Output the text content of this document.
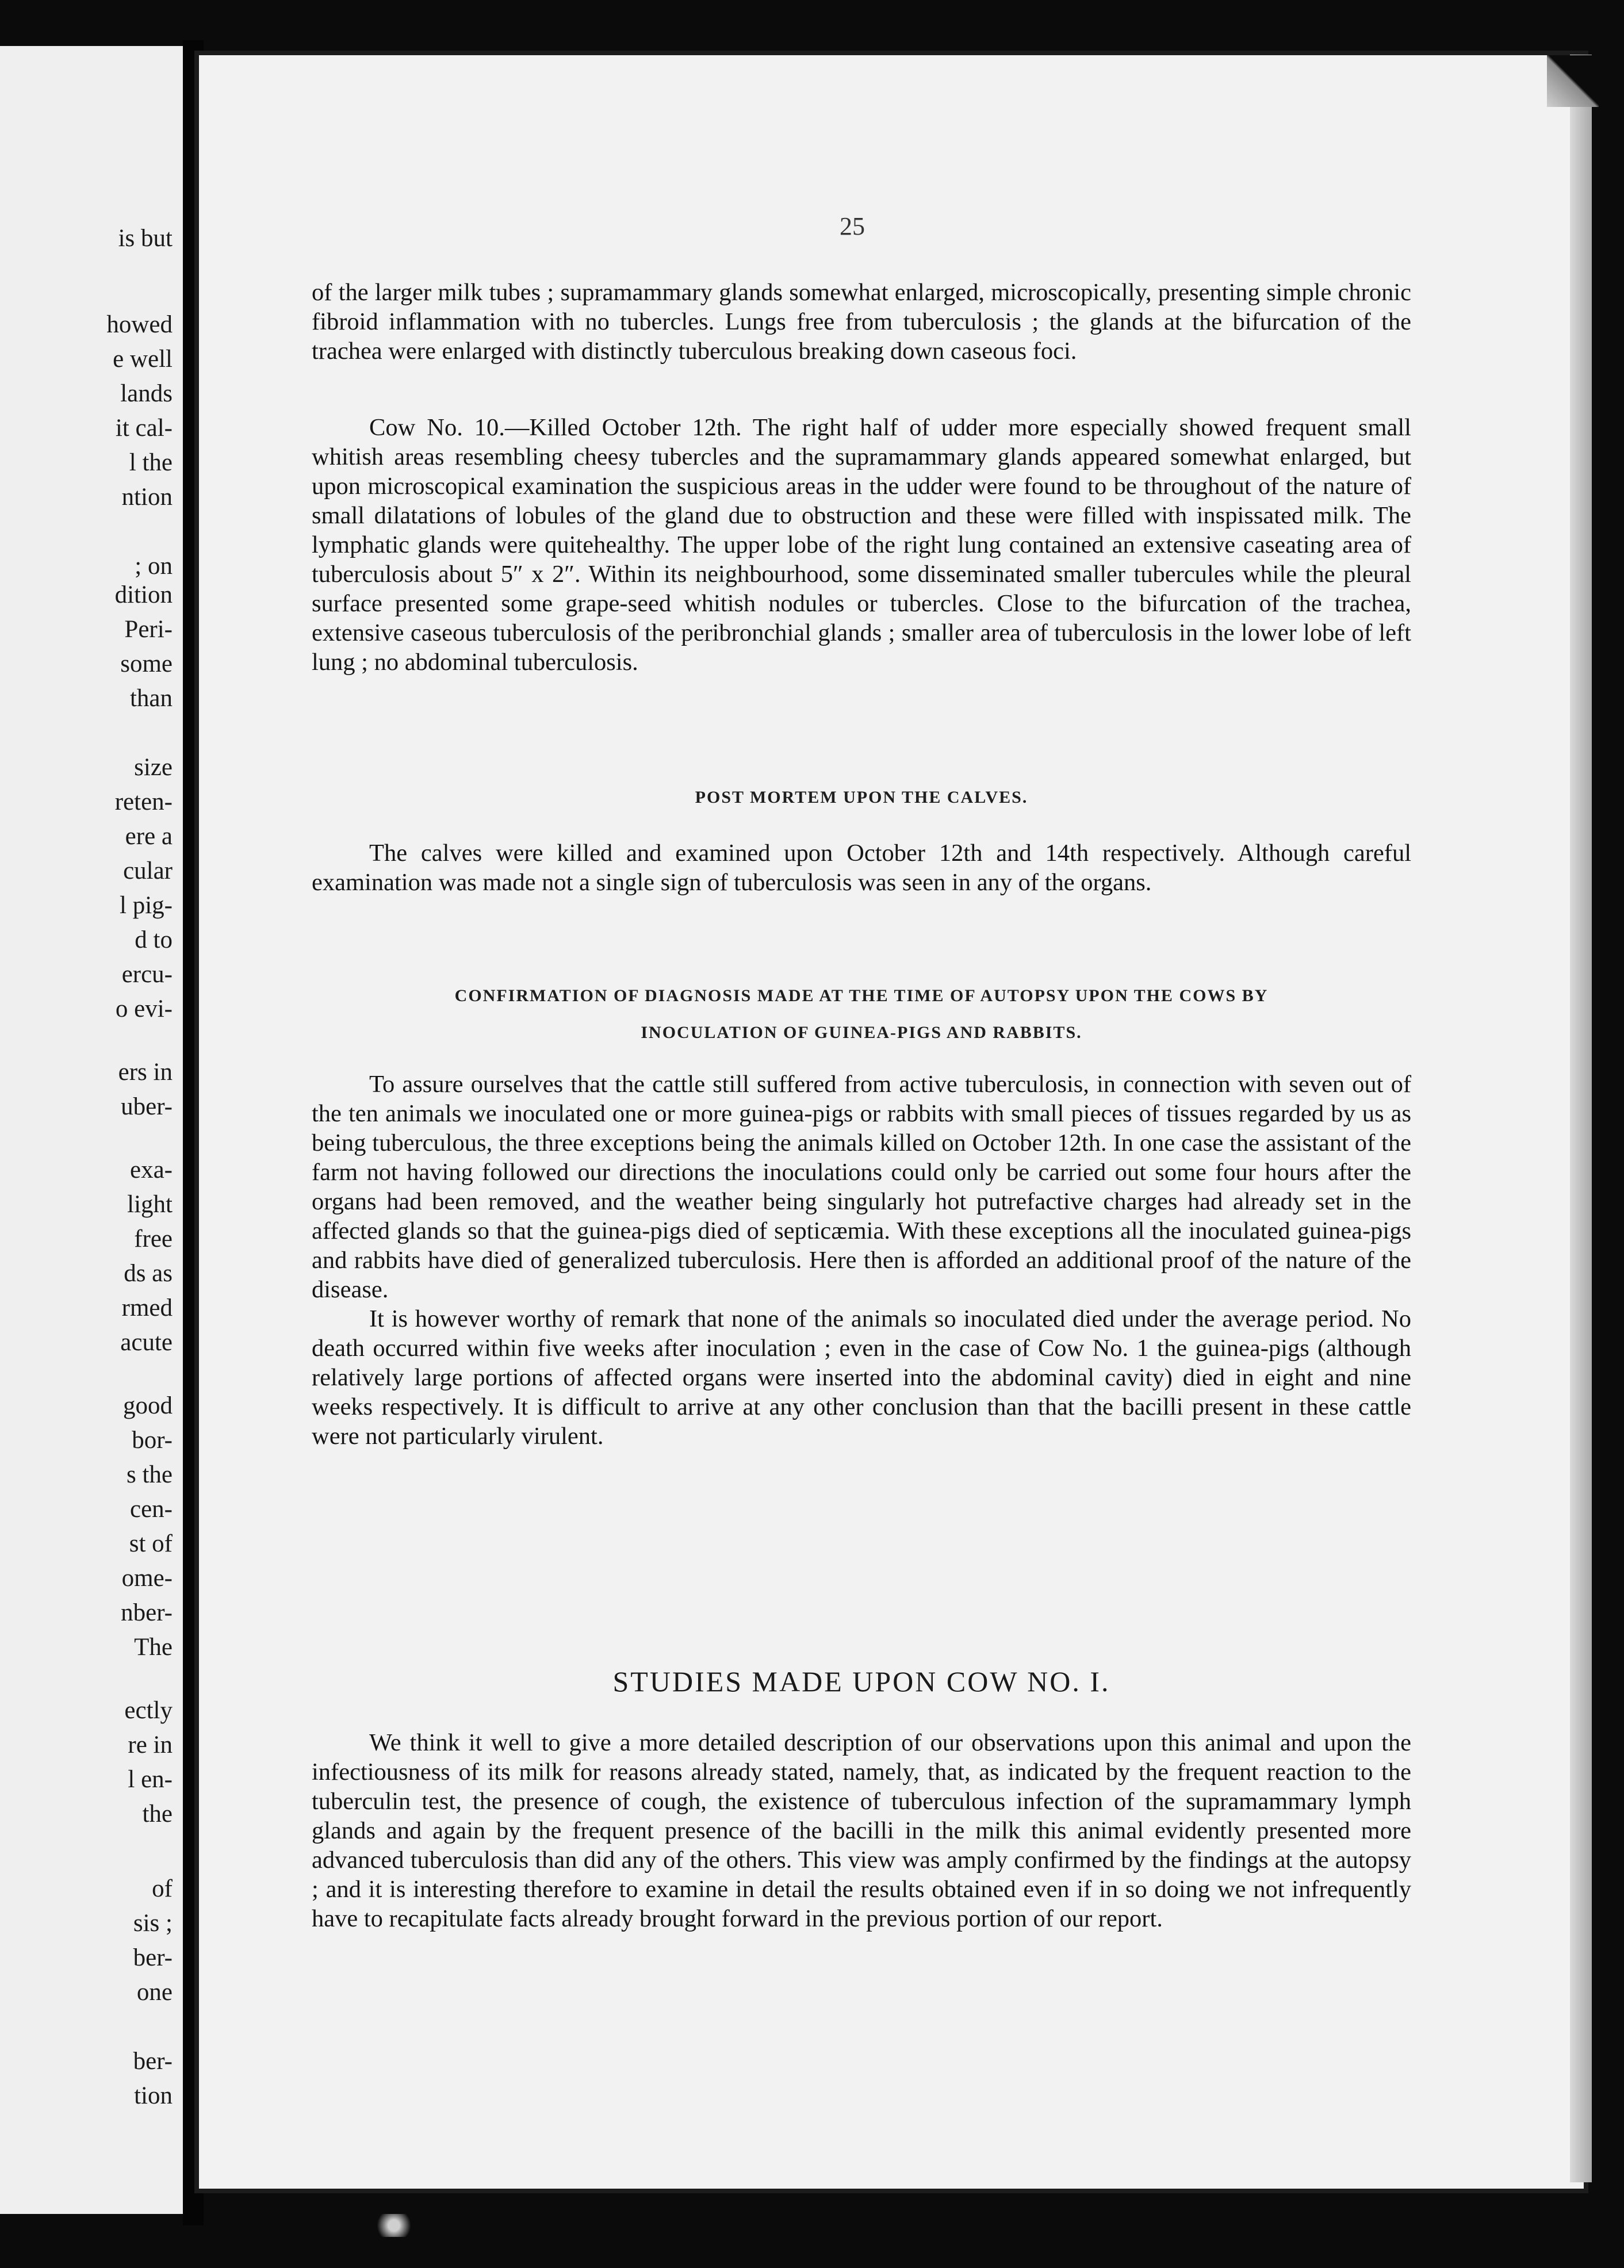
is but
howed
e well
lands
it cal-
l the
ntion
; on
dition
Peri-
some
than
size
reten-
ere a
cular
l pig-
d to
ercu-
o evi-
ers in
uber-
exa-
light
free
ds as
rmed
acute
good
bor-
s the
cen-
st of
ome-
nber-
The
ectly
re in
l en-
the
of
sis ;
ber-
one
ber-
tion
25

of the larger milk tubes ; supramammary glands somewhat enlarged, microscopically, presenting simple chronic fibroid inflammation with no tubercles. Lungs free from tuberculosis ; the glands at the bifurcation of the trachea were enlarged with distinctly tuberculous breaking down caseous foci.

Cow No. 10.—Killed October 12th. The right half of udder more especially showed frequent small whitish areas resembling cheesy tubercles and the supramammary glands appeared somewhat enlarged, but upon microscopical examination the suspicious areas in the udder were found to be throughout of the nature of small dilatations of lobules of the gland due to obstruction and these were filled with inspissated milk. The lymphatic glands were quitehealthy. The upper lobe of the right lung contained an extensive caseating area of tuberculosis about 5″ x 2″. Within its neighbourhood, some disseminated smaller tubercules while the pleural surface presented some grape-seed whitish nodules or tubercles. Close to the bifurcation of the trachea, extensive caseous tuberculosis of the peribronchial glands ; smaller area of tuberculosis in the lower lobe of left lung ; no abdominal tuberculosis.

POST MORTEM UPON THE CALVES.

The calves were killed and examined upon October 12th and 14th respectively. Although careful examination was made not a single sign of tuberculosis was seen in any of the organs.

CONFIRMATION OF DIAGNOSIS MADE AT THE TIME OF AUTOPSY UPON THE COWS BY
INOCULATION OF GUINEA-PIGS AND RABBITS.

To assure ourselves that the cattle still suffered from active tuberculosis, in connection with seven out of the ten animals we inoculated one or more guinea-pigs or rabbits with small pieces of tissues regarded by us as being tuberculous, the three exceptions being the animals killed on October 12th. In one case the assistant of the farm not having followed our directions the inoculations could only be carried out some four hours after the organs had been removed, and the weather being singularly hot putrefactive charges had already set in the affected glands so that the guinea-pigs died of septicæmia. With these exceptions all the inoculated guinea-pigs and rabbits have died of generalized tuberculosis. Here then is afforded an additional proof of the nature of the disease.

It is however worthy of remark that none of the animals so inoculated died under the average period. No death occurred within five weeks after inoculation ; even in the case of Cow No. 1 the guinea-pigs (although relatively large portions of affected organs were inserted into the abdominal cavity) died in eight and nine weeks respectively. It is difficult to arrive at any other conclusion than that the bacilli present in these cattle were not particularly virulent.

STUDIES MADE UPON COW NO. I.

We think it well to give a more detailed description of our observations upon this animal and upon the infectiousness of its milk for reasons already stated, namely, that, as indicated by the frequent reaction to the tuberculin test, the presence of cough, the existence of tuberculous infection of the supramammary lymph glands and again by the frequent presence of the bacilli in the milk this animal evidently presented more advanced tuberculosis than did any of the others. This view was amply confirmed by the findings at the autopsy ; and it is interesting therefore to examine in detail the results obtained even if in so doing we not infrequently have to recapitulate facts already brought forward in the previous portion of our report.
